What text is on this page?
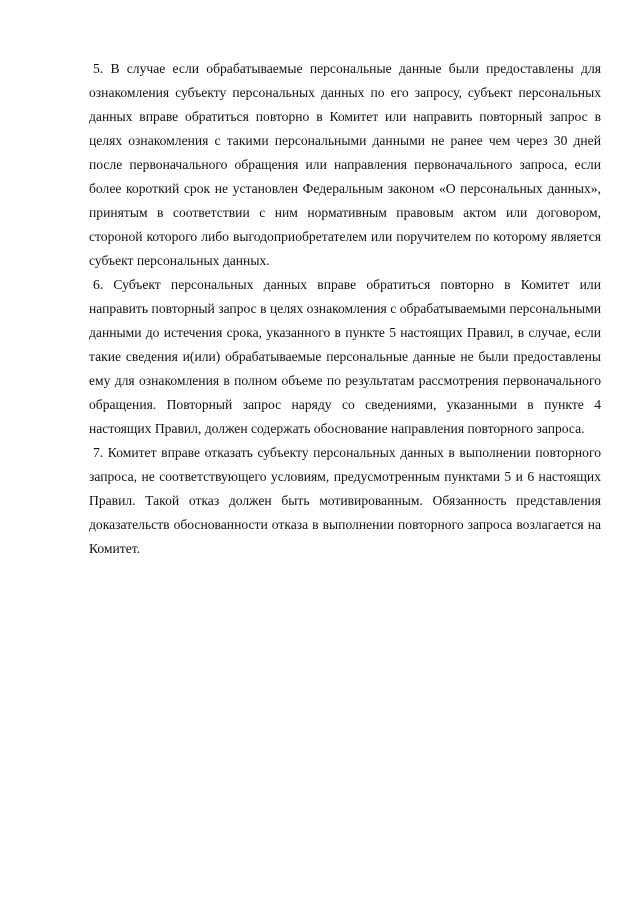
5. В случае если обрабатываемые персональные данные были предоставлены для ознакомления субъекту персональных данных по его запросу, субъект персональных данных вправе обратиться повторно в Комитет или направить повторный запрос в целях ознакомления с такими персональными данными не ранее чем через 30 дней после первоначального обращения или направления первоначального запроса, если более короткий срок не установлен Федеральным законом «О персональных данных», принятым в соответствии с ним нормативным правовым актом или договором, стороной которого либо выгодоприобретателем или поручителем по которому является субъект персональных данных.

6. Субъект персональных данных вправе обратиться повторно в Комитет или направить повторный запрос в целях ознакомления с обрабатываемыми персональными данными до истечения срока, указанного в пункте 5 настоящих Правил, в случае, если такие сведения и(или) обрабатываемые персональные данные не были предоставлены ему для ознакомления в полном объеме по результатам рассмотрения первоначального обращения. Повторный запрос наряду со сведениями, указанными в пункте 4 настоящих Правил, должен содержать обоснование направления повторного запроса.

7. Комитет вправе отказать субъекту персональных данных в выполнении повторного запроса, не соответствующего условиям, предусмотренным пунктами 5 и 6 настоящих Правил. Такой отказ должен быть мотивированным. Обязанность представления доказательств обоснованности отказа в выполнении повторного запроса возлагается на Комитет.
